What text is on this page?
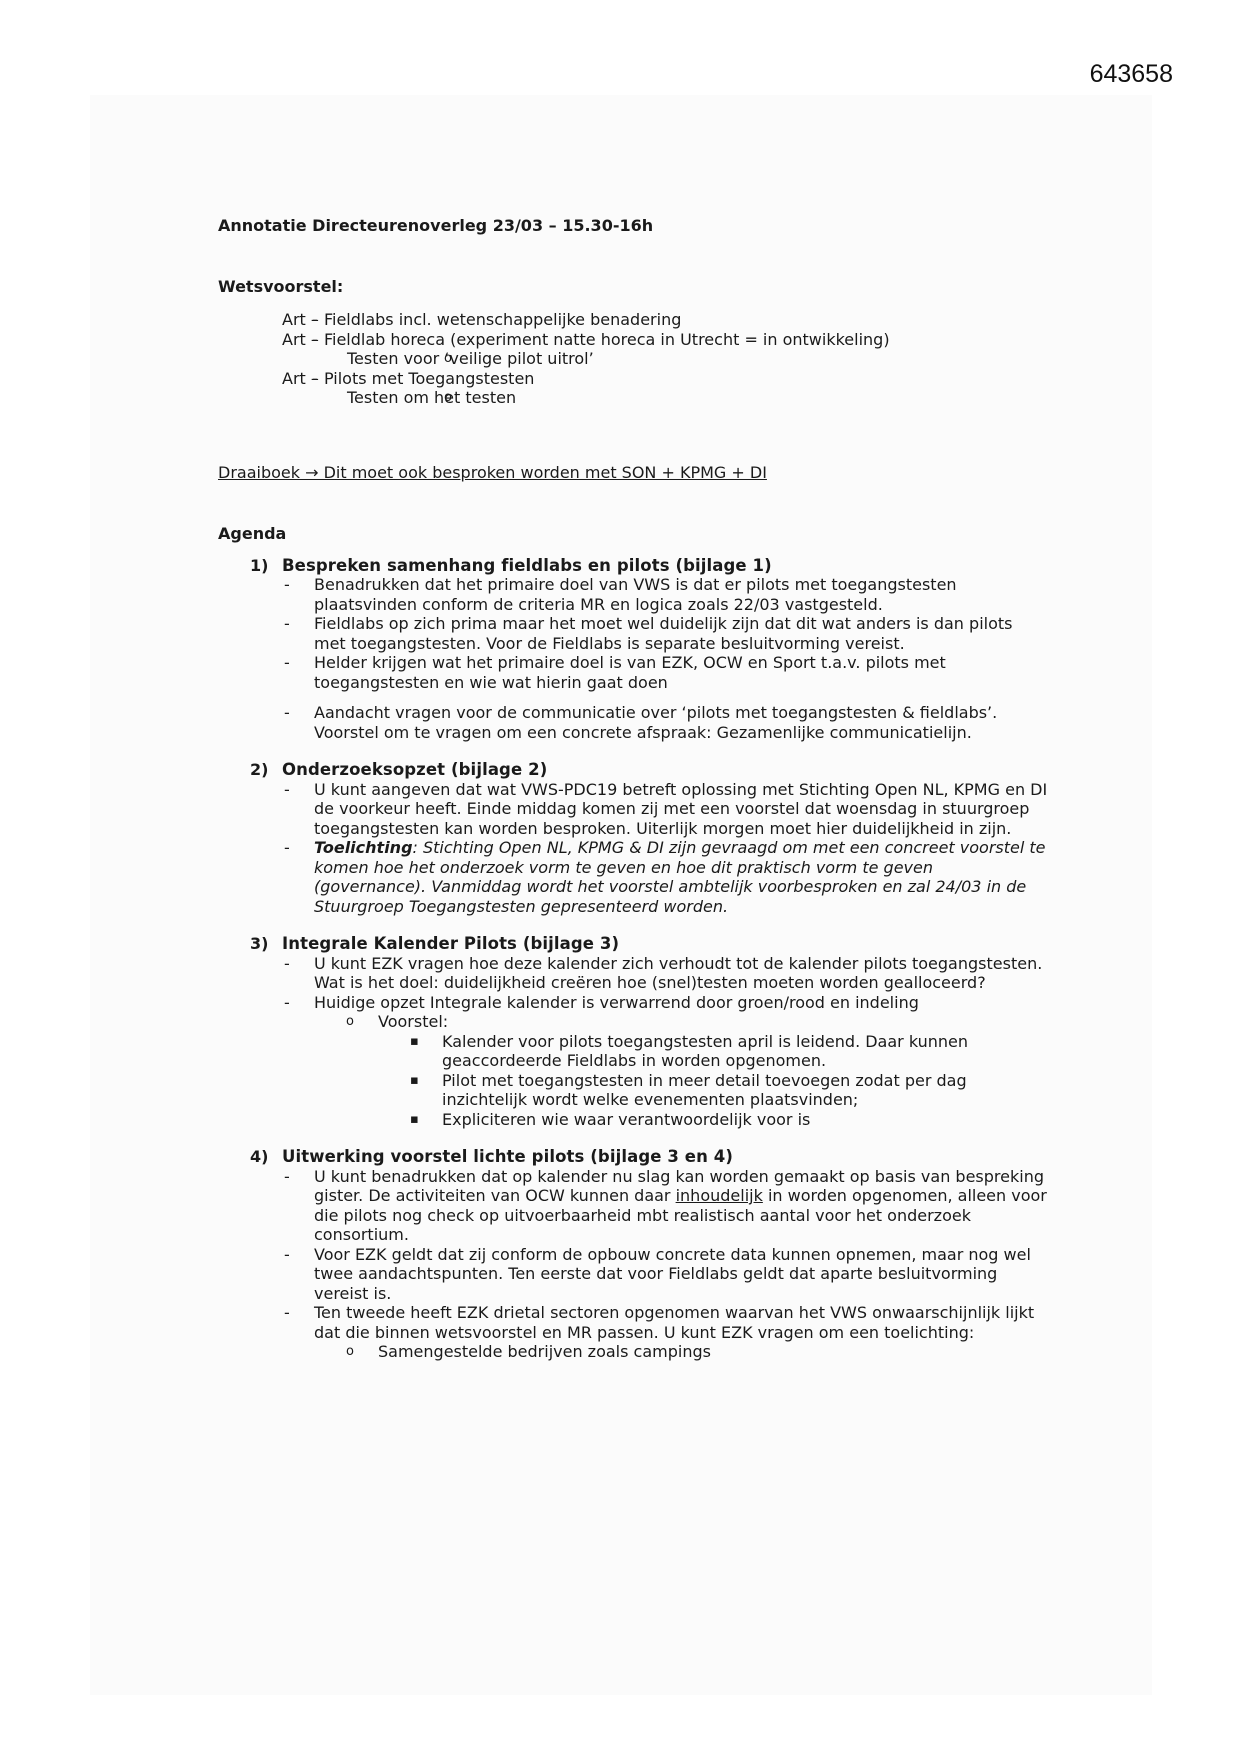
643658
Annotatie Directeurenoverleg 23/03 – 15.30-16h
Wetsvoorstel:
- Art – Fieldlabs incl. wetenschappelijke benadering
- Art – Fieldlab horeca (experiment natte horeca in Utrecht = in ontwikkeling)
o Testen voor ‘veilige pilot uitrol’
- Art – Pilots met Toegangstesten
o Testen om het testen
Draaiboek → Dit moet ook besproken worden met SON + KPMG + DI
Agenda
1) Bespreken samenhang fieldlabs en pilots (bijlage 1)
- Benadrukken dat het primaire doel van VWS is dat er pilots met toegangstesten plaatsvinden conform de criteria MR en logica zoals 22/03 vastgesteld.
- Fieldlabs op zich prima maar het moet wel duidelijk zijn dat dit wat anders is dan pilots met toegangstesten. Voor de Fieldlabs is separate besluitvorming vereist.
- Helder krijgen wat het primaire doel is van EZK, OCW en Sport t.a.v. pilots met toegangstesten en wie wat hierin gaat doen
- Aandacht vragen voor de communicatie over ‘pilots met toegangstesten & fieldlabs’. Voorstel om te vragen om een concrete afspraak: Gezamenlijke communicatielijn.
2) Onderzoeksopzet (bijlage 2)
- U kunt aangeven dat wat VWS-PDC19 betreft oplossing met Stichting Open NL, KPMG en DI de voorkeur heeft. Einde middag komen zij met een voorstel dat woensdag in stuurgroep toegangstesten kan worden besproken. Uiterlijk morgen moet hier duidelijkheid in zijn.
- Toelichting: Stichting Open NL, KPMG & DI zijn gevraagd om met een concreet voorstel te komen hoe het onderzoek vorm te geven en hoe dit praktisch vorm te geven (governance). Vanmiddag wordt het voorstel ambtelijk voorbesproken en zal 24/03 in de Stuurgroep Toegangstesten gepresenteerd worden.
3) Integrale Kalender Pilots (bijlage 3)
- U kunt EZK vragen hoe deze kalender zich verhoudt tot de kalender pilots toegangstesten. Wat is het doel: duidelijkheid creëren hoe (snel)testen moeten worden gealloceerd?
- Huidige opzet Integrale kalender is verwarrend door groen/rood en indeling
o Voorstel:
▪ Kalender voor pilots toegangstesten april is leidend. Daar kunnen geaccordeerde Fieldlabs in worden opgenomen.
▪ Pilot met toegangstesten in meer detail toevoegen zodat per dag inzichtelijk wordt welke evenementen plaatsvinden;
▪ Expliciteren wie waar verantwoordelijk voor is
4) Uitwerking voorstel lichte pilots (bijlage 3 en 4)
- U kunt benadrukken dat op kalender nu slag kan worden gemaakt op basis van bespreking gister. De activiteiten van OCW kunnen daar inhoudelijk in worden opgenomen, alleen voor die pilots nog check op uitvoerbaarheid mbt realistisch aantal voor het onderzoek consortium.
- Voor EZK geldt dat zij conform de opbouw concrete data kunnen opnemen, maar nog wel twee aandachtspunten. Ten eerste dat voor Fieldlabs geldt dat aparte besluitvorming vereist is.
- Ten tweede heeft EZK drietal sectoren opgenomen waarvan het VWS onwaarschijnlijk lijkt dat die binnen wetsvoorstel en MR passen. U kunt EZK vragen om een toelichting:
o Samengestelde bedrijven zoals campings
